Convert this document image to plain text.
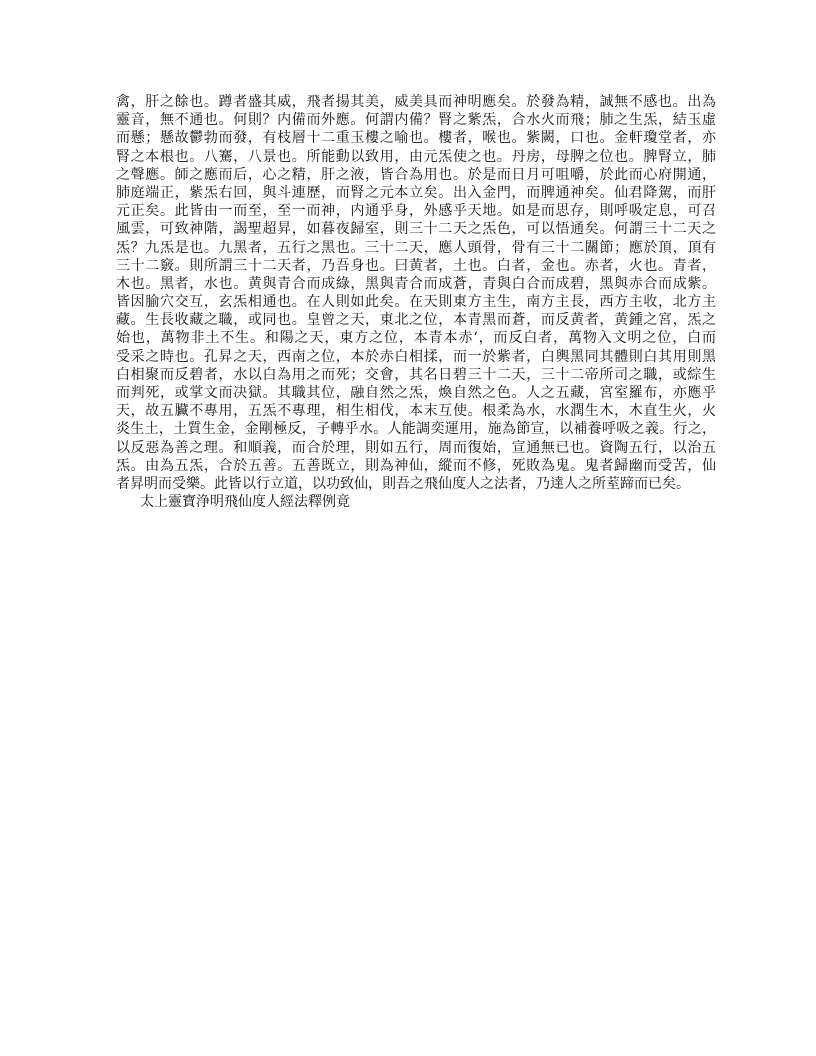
禽，肝之餘也。蹲者盛其威，飛者揚其美，威美具而神明應矣。於發為精，誠無不感也。出為
靈音，無不通也。何則？内備而外應。何謂内備？腎之紫炁，合水火而飛；肺之生炁，結玉虛
而懸；懸故鬱勃而發，有枝層十二重玉樓之喻也。樓者，喉也。紫闕，口也。金軒瓊堂者，亦
腎之本根也。八騫，八景也。所能動以致用，由元炁使之也。丹房，母脾之位也。脾腎立，肺
之聲應。師之應而后，心之精，肝之液，皆合為用也。於是而日月可咀嚼，於此而心府開通，
肺庭端正，紫炁右回，與斗連歷，而腎之元本立矣。出入金門，而脾通神矣。仙君降駕，而肝
元正矣。此皆由一而至，至一而神，内通乎身，外感乎天地。如是而思存，則呼吸定息，可召
風雲，可致神階，謁聖超昇，如暮夜歸室，則三十二天之炁色，可以悟通矣。何謂三十二天之
炁？九炁是也。九黑者，五行之黑也。三十二天，應人頭骨，骨有三十二關節；應於頂，頂有
三十二竅。則所謂三十二天者，乃吾身也。曰黄者，土也。白者，金也。赤者，火也。青者，
木也。黑者，水也。黄與青合而成綠，黑與青合而成蒼，青與白合而成碧，黑與赤合而成紫。
皆因腧穴交互，玄炁相通也。在人則如此矣。在天則東方主生，南方主長，西方主收，北方主
藏。生長收藏之職，或同也。皇曾之天，東北之位，本青黑而蒼，而反黄者，黄鍾之宮，炁之
始也，萬物非土不生。和陽之天，東方之位，本青本赤‘，而反白者，萬物入文明之位，白而
受采之時也。孔昇之天，西南之位，本於赤白相揉，而一於紫者，白輿黑同其體則白其用則黑
白相聚而反碧者，水以白為用之而死；交會，其名日碧三十二天，三十二帝所司之職，或綜生
而判死，或掌文而决獄。其職其位，融自然之炁，煥自然之色。人之五藏，宮室羅布，亦應乎
天，故五臟不專用，五炁不專理，相生相伐，本末互使。根柔為水，水潤生木，木直生火，火
炎生土，土質生金，金剛極反，子轉乎水。人能調奕運用，施為節宣，以補養呼吸之義。行之，
以反惡為善之理。和順義，而合於理，則如五行，周而復始，宣通無已也。資陶五行，以治五
炁。由為五炁，合於五善。五善既立，則為神仙，縱而不修，死敗為鬼。鬼者歸幽而受苦，仙
者昇明而受樂。此皆以行立道，以功致仙，則吾之飛仙度人之法者，乃達人之所荎蹄而已矣。
太上靈寶浄明飛仙度人經法釋例竟
